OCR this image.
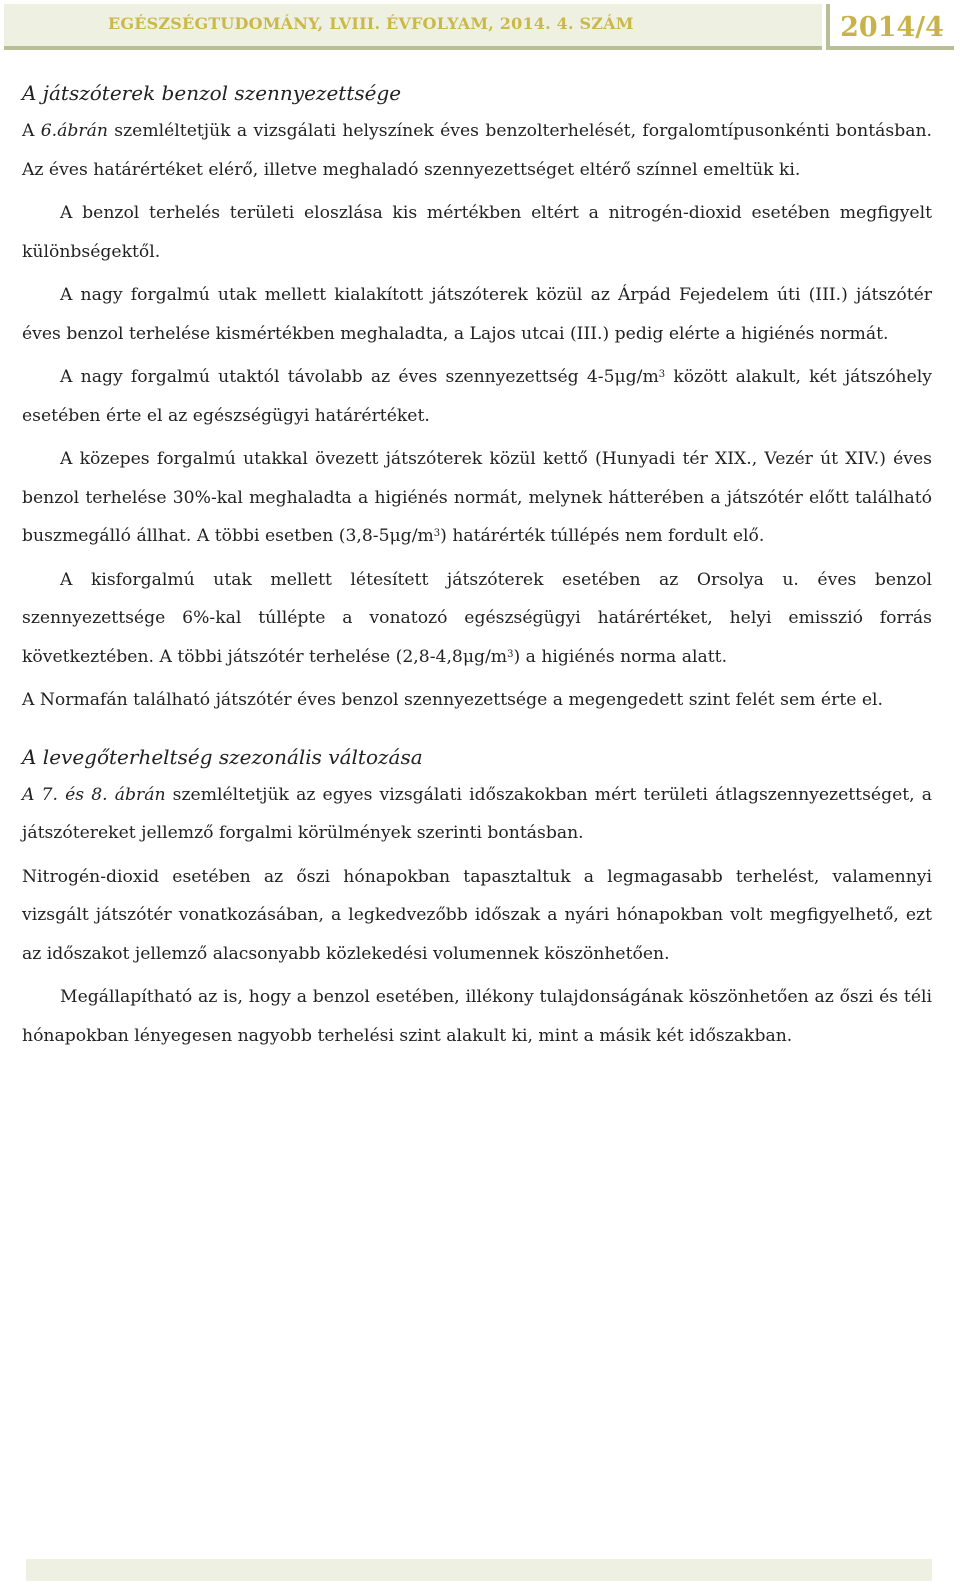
EGÉSZSÉGTUDOMÁNY, LVIII. ÉVFOLYAM, 2014. 4. SZÁM	2014/4
A játszóterek benzol szennyezettsége

A 6.ábrán szemléltetjük a vizsgálati helyszínek éves benzolterhelését, forgalomtípusonkénti bontásban. Az éves határértéket elérő, illetve meghaladó szennyezettséget eltérő színnel emeltük ki.

A benzol terhelés területi eloszlása kis mértékben eltért a nitrogén-dioxid esetében megfigyelt különbségektől.

A nagy forgalmú utak mellett kialakított játszóterek közül az Árpád Fejedelem úti (III.) játszótér éves benzol terhelése kismértékben meghaladta, a Lajos utcai (III.) pedig elérte a higiénés normát.

A nagy forgalmú utaktól távolabb az éves szennyezettség $4-5\mu g/m^3$ között alakult, két játszóhely esetében érte el az egészségügyi határértéket.

A közepes forgalmú utakkal övezett játszóterek közül kettő (Hunyadi tér XIX., Vezér út XIV.) éves benzol terhelése 30%-kal meghaladta a higiénés normát, melynek hátterében a játszótér előtt található buszmegálló állhat. A többi esetben $(3,8-5\mu g/m^3)$ határérték túllépés nem fordult elő.

A kisforgalmú utak mellett létesített játszóterek esetében az Orsolya u. éves benzol szennyezettsége 6%-kal túllépte a vonatozó egészségügyi határértéket, helyi emisszió forrás következtében. A többi játszótér terhelése $(2,8-4,8\mu g/m^3)$ a higiénés norma alatt.

A Normafán található játszótér éves benzol szennyezettsége a megengedett szint felét sem érte el.

A levegőterheltség szezonális változása

A 7. és 8. ábrán szemléltetjük az egyes vizsgálati időszakokban mért területi átlagszennyezettséget, a játszótereket jellemző forgalmi körülmények szerinti bontásban.

Nitrogén-dioxid esetében az őszi hónapokban tapasztaltuk a legmagasabb terhelést, valamennyi vizsgált játszótér vonatkozásában, a legkedvezőbb időszak a nyári hónapokban volt megfigyelhető, ezt az időszakot jellemző alacsonyabb közlekedési volumennek köszönhetően.

Megállapítható az is, hogy a benzol esetében, illékony tulajdonságának köszönhetően az őszi és téli hónapokban lényegesen nagyobb terhelési szint alakult ki, mint a másik két időszakban.
